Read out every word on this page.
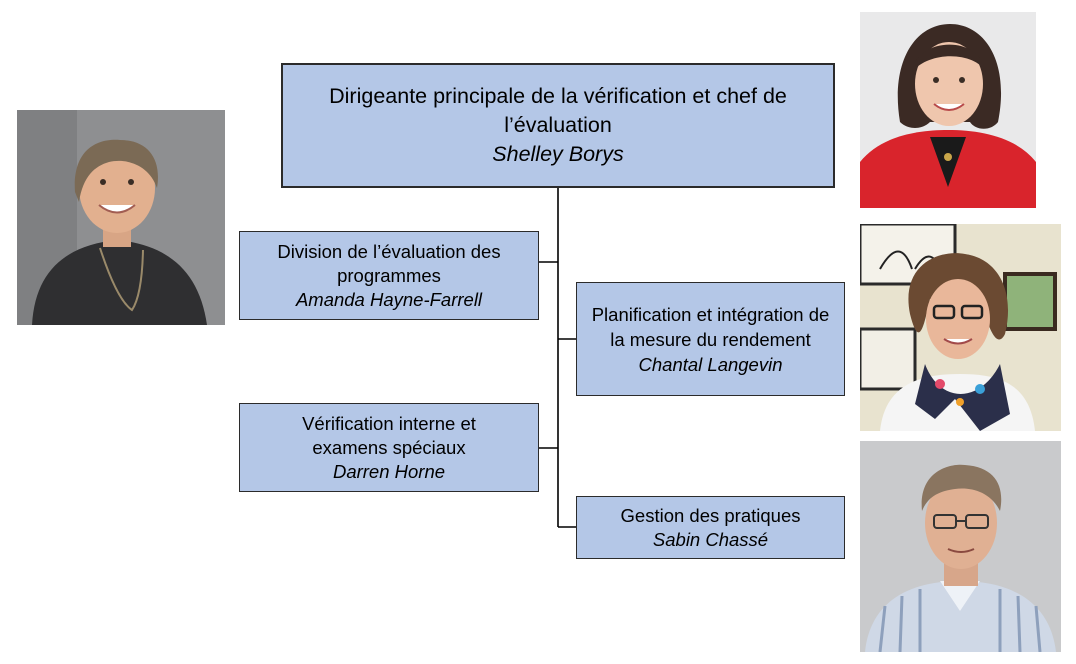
Dirigeante principale de la vérification et chef de l’évaluation
Shelley Borys
Division de l’évaluation des programmes
Amanda Hayne-Farrell
Vérification interne et examens spéciaux
Darren Horne
Planification et intégration de la mesure du rendement
Chantal Langevin
Gestion des pratiques
Sabin Chassé
